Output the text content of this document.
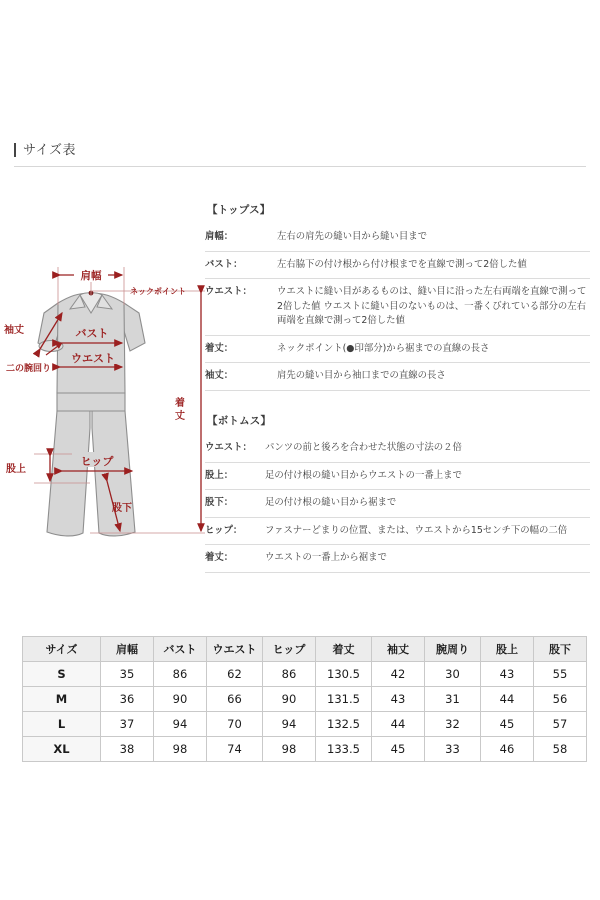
サイズ表
肩幅
ネックポイント
袖丈	バスト
ウエスト
二の腕回り
股上
ヒップ
股下
着
丈
【トップス】
肩幅：	左右の肩先の縫い目から縫い目まで
バスト：	左右脇下の付け根から付け根までを直線で測って2倍した値
ウエスト：	ウエストに縫い目があるものは、縫い目に沿った左右両端を直線で測って2倍した値 ウエストに縫い目のないものは、一番くびれている部分の左右両端を直線で測って2倍した値
着丈：	ネックポイント(●印部分)から裾までの直線の長さ
袖丈：	肩先の縫い目から袖口までの直線の長さ
【ボトムス】
ウエスト：	パンツの前と後ろを合わせた状態の寸法の２倍
股上：	足の付け根の縫い目からウエストの一番上まで
股下：	足の付け根の縫い目から裾まで
ヒップ：	ファスナーどまりの位置、または、ウエストから15センチ下の幅の二倍
着丈：	ウエストの一番上から裾まで
サイズ	肩幅	バスト	ウエスト	ヒップ	着丈	袖丈	腕周り	股上	股下
S	35	86	62	86	130.5	42	30	43	55
M	36	90	66	90	131.5	43	31	44	56
L	37	94	70	94	132.5	44	32	45	57
XL	38	98	74	98	133.5	45	33	46	58
